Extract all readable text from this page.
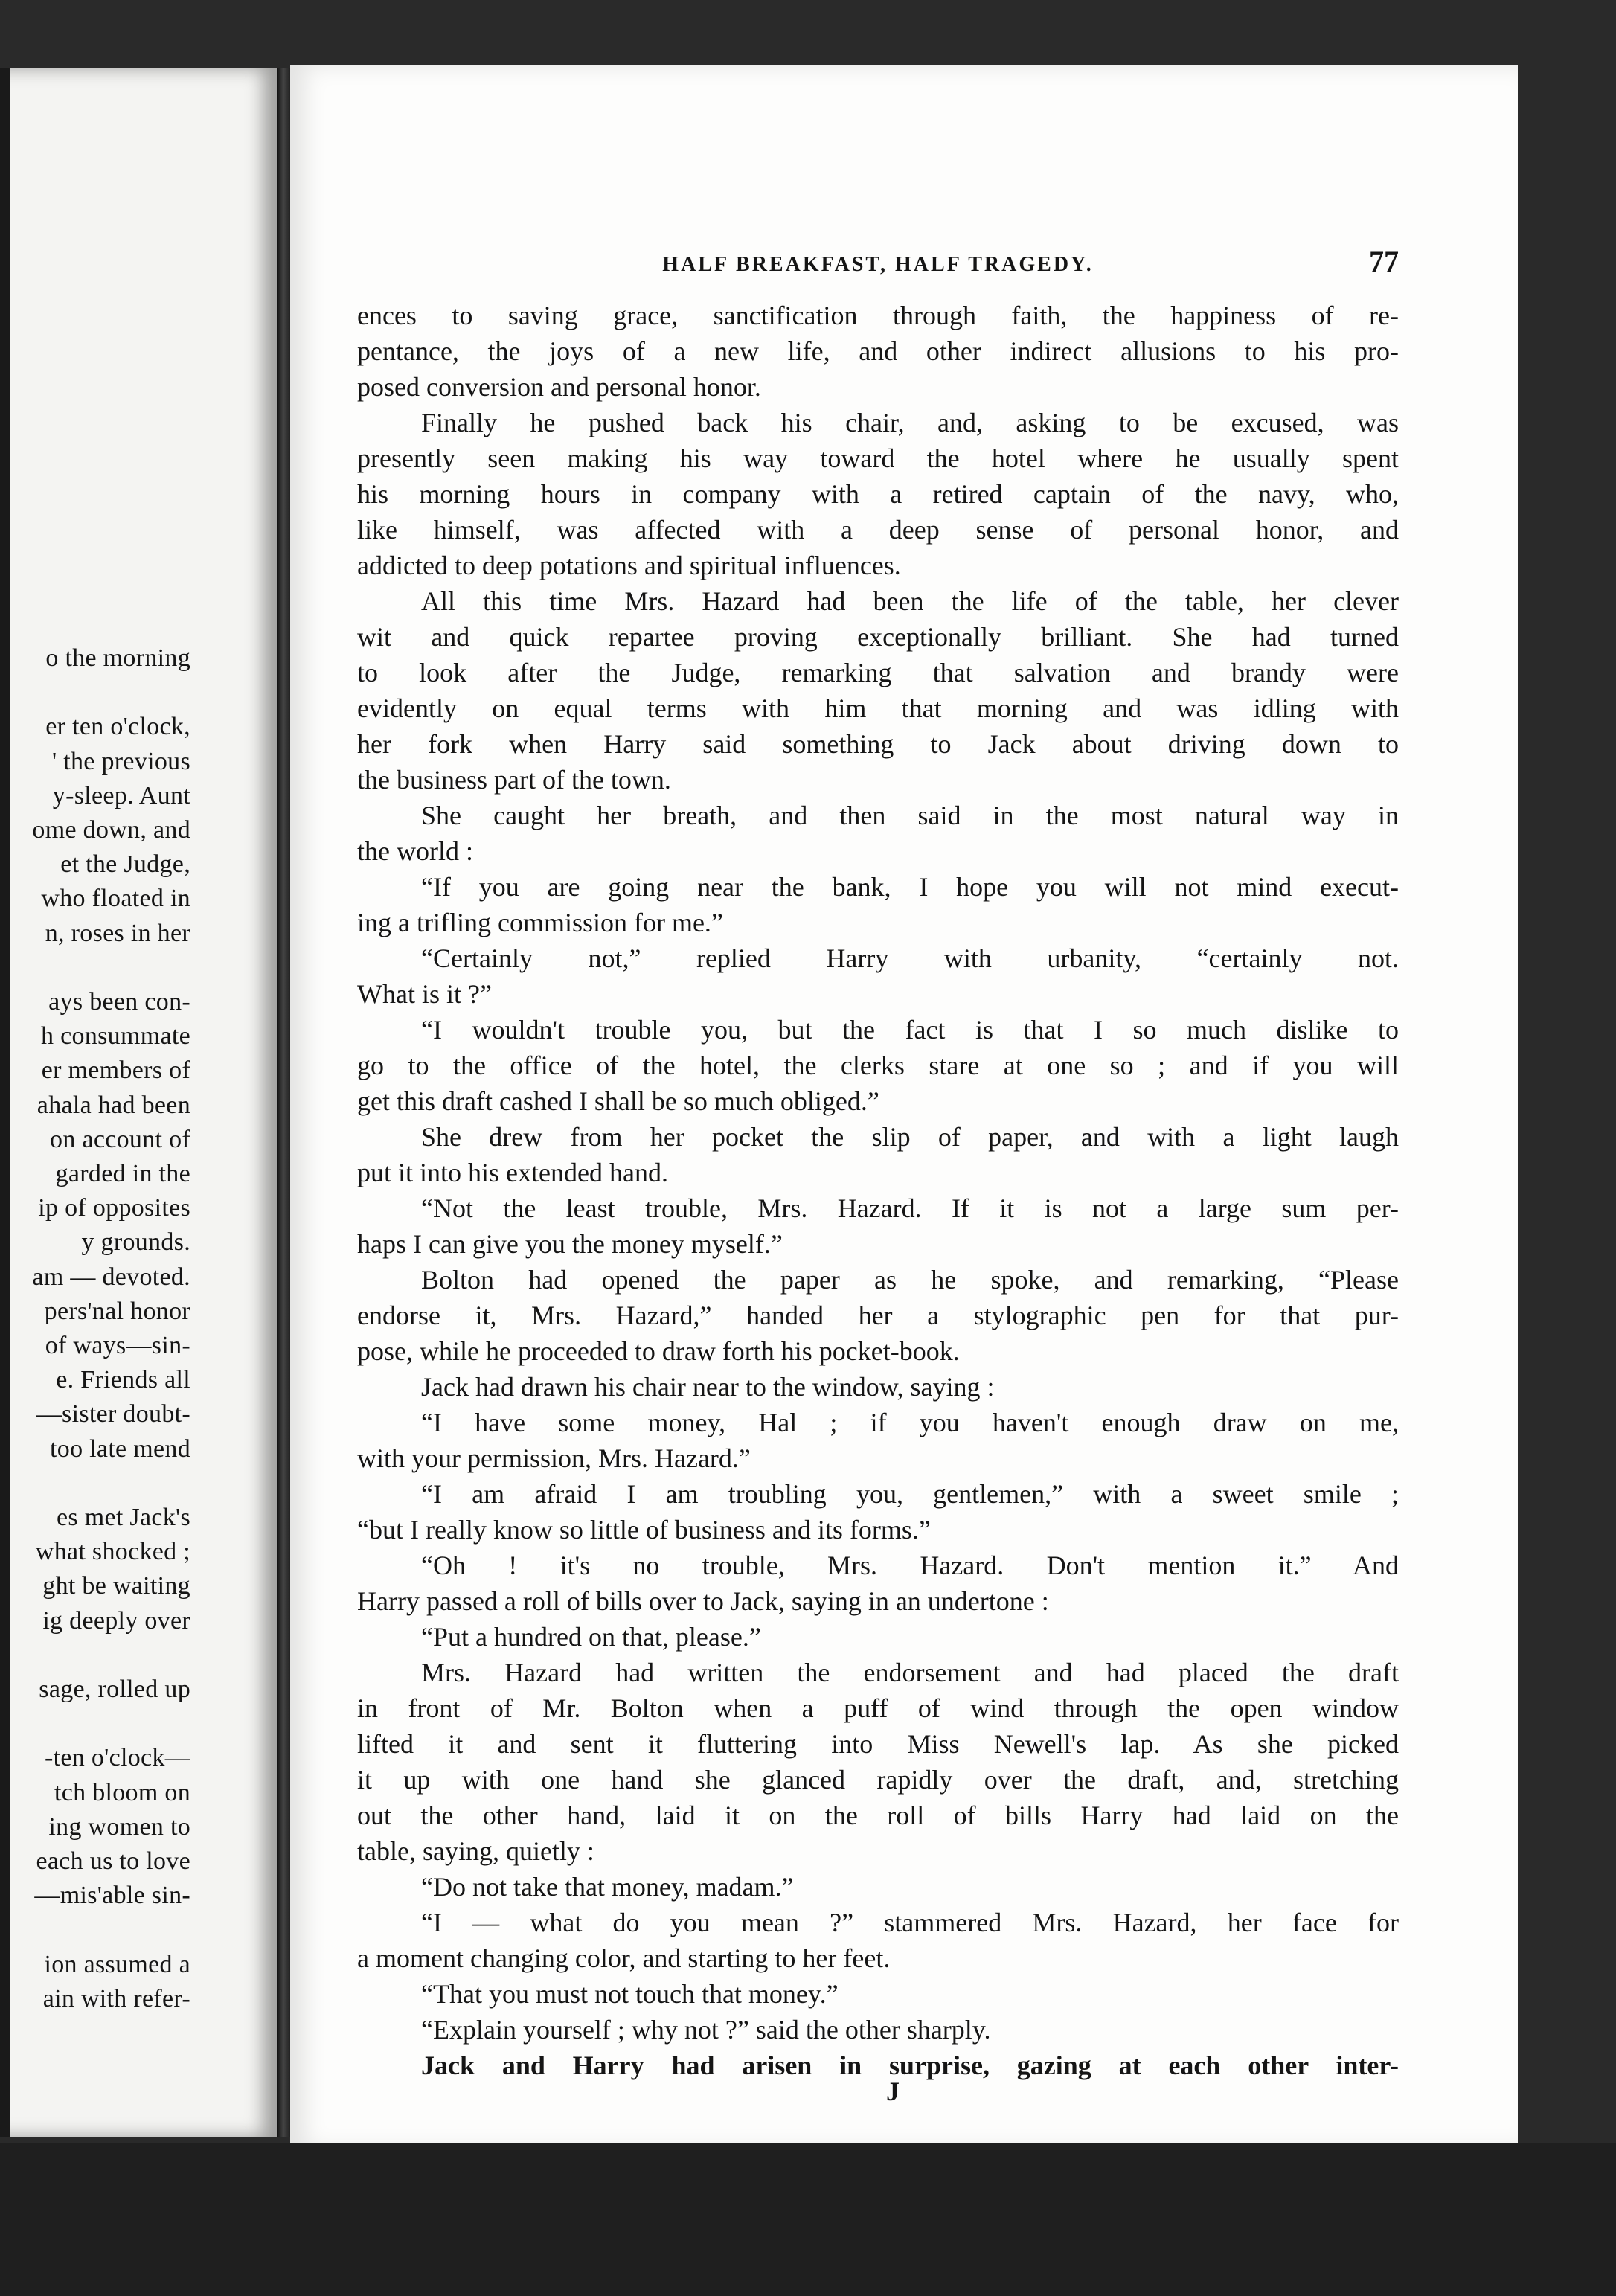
o the morning
er ten o'clock,
' the previous
y-sleep. Aunt
ome down, and
et the Judge,
who floated in
n, roses in her
ays been con-
h consummate
er members of
ahala had been
on account of
garded in the
ip of opposites
y grounds.
am — devoted.
pers'nal honor
of ways—sin-
e. Friends all
—sister doubt-
too late mend
es met Jack's
what shocked ;
ght be waiting
ig deeply over
sage, rolled up
-ten o'clock—
tch bloom on
ing women to
each us to love
—mis'able sin-
ion assumed a
ain with refer-
HALF BREAKFAST, HALF TRAGEDY.	77
ences to saving grace, sanctification through faith, the happiness of re-
pentance, the joys of a new life, and other indirect allusions to his pro-
posed conversion and personal honor.
Finally he pushed back his chair, and, asking to be excused, was
presently seen making his way toward the hotel where he usually spent
his morning hours in company with a retired captain of the navy, who,
like himself, was affected with a deep sense of personal honor, and
addicted to deep potations and spiritual influences.
All this time Mrs. Hazard had been the life of the table, her clever
wit and quick repartee proving exceptionally brilliant. She had turned
to look after the Judge, remarking that salvation and brandy were
evidently on equal terms with him that morning and was idling with
her fork when Harry said something to Jack about driving down to
the business part of the town.
She caught her breath, and then said in the most natural way in
the world :
“If you are going near the bank, I hope you will not mind execut-
ing a trifling commission for me.”
“Certainly not,” replied Harry with urbanity, “certainly not.
What is it ?”
“I wouldn't trouble you, but the fact is that I so much dislike to
go to the office of the hotel, the clerks stare at one so ; and if you will
get this draft cashed I shall be so much obliged.”
She drew from her pocket the slip of paper, and with a light laugh
put it into his extended hand.
“Not the least trouble, Mrs. Hazard. If it is not a large sum per-
haps I can give you the money myself.”
Bolton had opened the paper as he spoke, and remarking, “Please
endorse it, Mrs. Hazard,” handed her a stylographic pen for that pur-
pose, while he proceeded to draw forth his pocket-book.
Jack had drawn his chair near to the window, saying :
“I have some money, Hal ; if you haven't enough draw on me,
with your permission, Mrs. Hazard.”
“I am afraid I am troubling you, gentlemen,” with a sweet smile ;
“but I really know so little of business and its forms.”
“Oh ! it's no trouble, Mrs. Hazard. Don't mention it.” And
Harry passed a roll of bills over to Jack, saying in an undertone :
“Put a hundred on that, please.”
Mrs. Hazard had written the endorsement and had placed the draft
in front of Mr. Bolton when a puff of wind through the open window
lifted it and sent it fluttering into Miss Newell's lap. As she picked
it up with one hand she glanced rapidly over the draft, and, stretching
out the other hand, laid it on the roll of bills Harry had laid on the
table, saying, quietly :
“Do not take that money, madam.”
“I — what do you mean ?” stammered Mrs. Hazard, her face for
a moment changing color, and starting to her feet.
“That you must not touch that money.”
“Explain yourself ; why not ?” said the other sharply.
Jack and Harry had arisen in surprise, gazing at each other inter-
J
